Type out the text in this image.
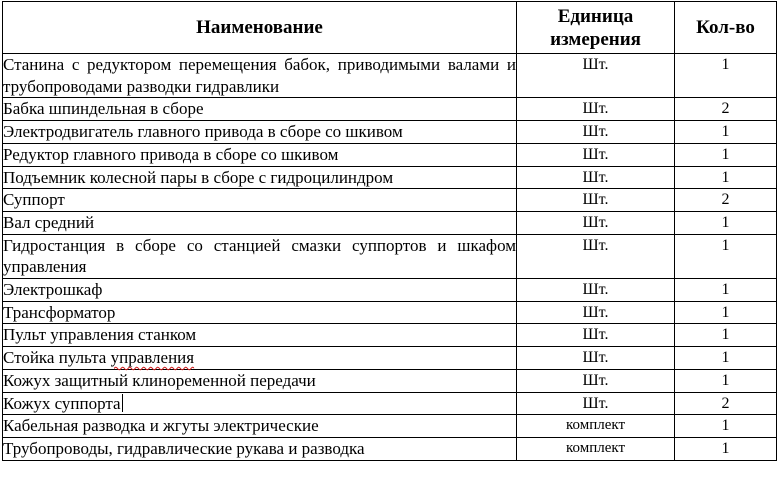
Наименование	Единица измерения	Кол-во
Станина с редуктором перемещения бабок, приводимыми валами и трубопроводами разводки гидравлики	Шт.	1
Бабка шпиндельная в сборе	Шт.	2
Электродвигатель главного привода в сборе со шкивом	Шт.	1
Редуктор главного привода в сборе со шкивом	Шт.	1
Подъемник колесной пары в сборе с гидроцилиндром	Шт.	1
Суппорт	Шт.	2
Вал средний	Шт.	1
Гидростанция в сборе со станцией смазки суппортов и шкафом управления	Шт.	1
Электрошкаф	Шт.	1
Трансформатор	Шт.	1
Пульт управления станком	Шт.	1
Стойка пульта управления	Шт.	1
Кожух защитный клиноременной передачи	Шт.	1
Кожух суппорта	Шт.	2
Кабельная разводка и жгуты электрические	комплект	1
Трубопроводы, гидравлические рукава и разводка	комплект	1
